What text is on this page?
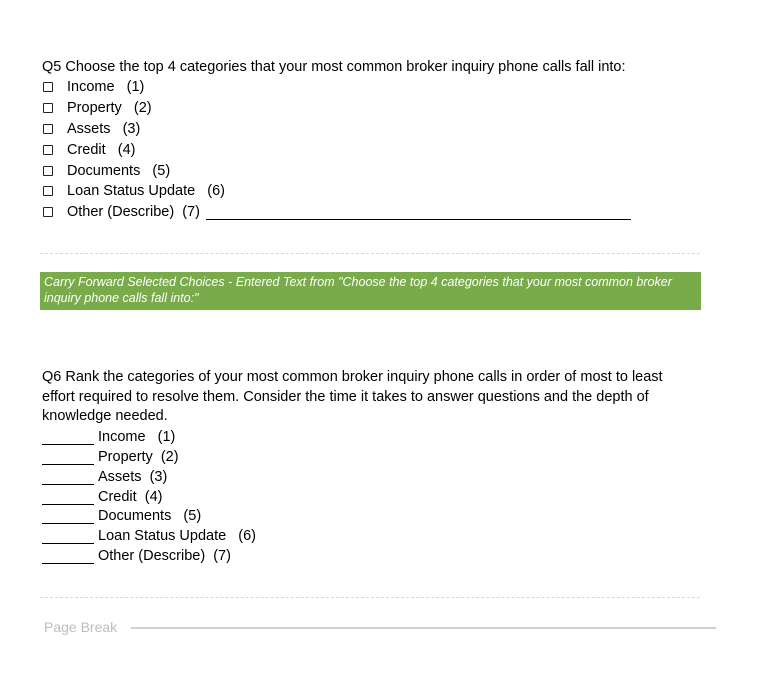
Q5 Choose the top 4 categories that your most common broker inquiry phone calls fall into:
Income   (1)
Property   (2)
Assets   (3)
Credit   (4)
Documents   (5)
Loan Status Update   (6)
Other (Describe)  (7)
Carry Forward Selected Choices - Entered Text from "Choose the top 4 categories that your most common broker inquiry phone calls fall into:"
Q6 Rank the categories of your most common broker inquiry phone calls in order of most to least effort required to resolve them. Consider the time it takes to answer questions and the depth of knowledge needed.
Income   (1)
Property  (2)
Assets  (3)
Credit  (4)
Documents   (5)
Loan Status Update   (6)
Other (Describe)  (7)
Page Break
